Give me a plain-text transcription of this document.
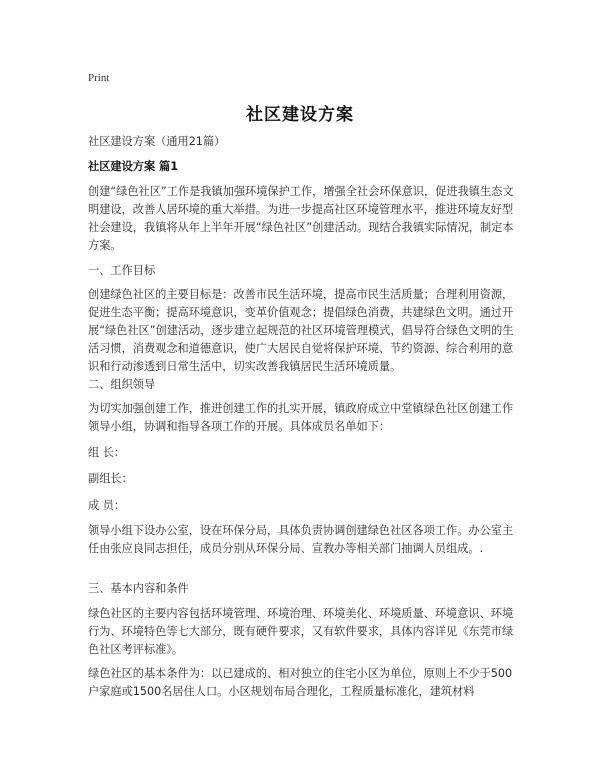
Print
社区建设方案
社区建设方案（通用21篇）
社区建设方案 篇1
创建“绿色社区”工作是我镇加强环境保护工作，增强全社会环保意识，促进我镇生态文明建设，改善人居环境的重大举措。为进一步提高社区环境管理水平，推进环境友好型社会建设，我镇将从年上半年开展“绿色社区”创建活动。现结合我镇实际情况，制定本方案。
一、工作目标
创建绿色社区的主要目标是：改善市民生活环境，提高市民生活质量；合理利用资源，促进生态平衡；提高环境意识，变革价值观念；提倡绿色消费，共建绿色文明。通过开展“绿色社区”创建活动，逐步建立起规范的社区环境管理模式，倡导符合绿色文明的生活习惯，消费观念和道德意识，使广大居民自觉将保护环境、节约资源、综合利用的意识和行动渗透到日常生活中，切实改善我镇居民生活环境质量。
二、组织领导
为切实加强创建工作，推进创建工作的扎实开展，镇政府成立中堂镇绿色社区创建工作领导小组，协调和指导各项工作的开展。具体成员名单如下：
组 长：
副组长：
成 员：
领导小组下设办公室，设在环保分局，具体负责协调创建绿色社区各项工作。办公室主任由张应良同志担任，成员分别从环保分局、宣教办等相关部门抽调人员组成。.
三、基本内容和条件
绿色社区的主要内容包括环境管理、环境治理、环境美化、环境质量、环境意识、环境行为、环境特色等七大部分，既有硬件要求，又有软件要求，具体内容详见《东莞市绿色社区考评标准》。
绿色社区的基本条件为：以已建成的、相对独立的住宅小区为单位，原则上不少于500户家庭或1500名居住人口。小区规划布局合理化，工程质量标准化，建筑材料
